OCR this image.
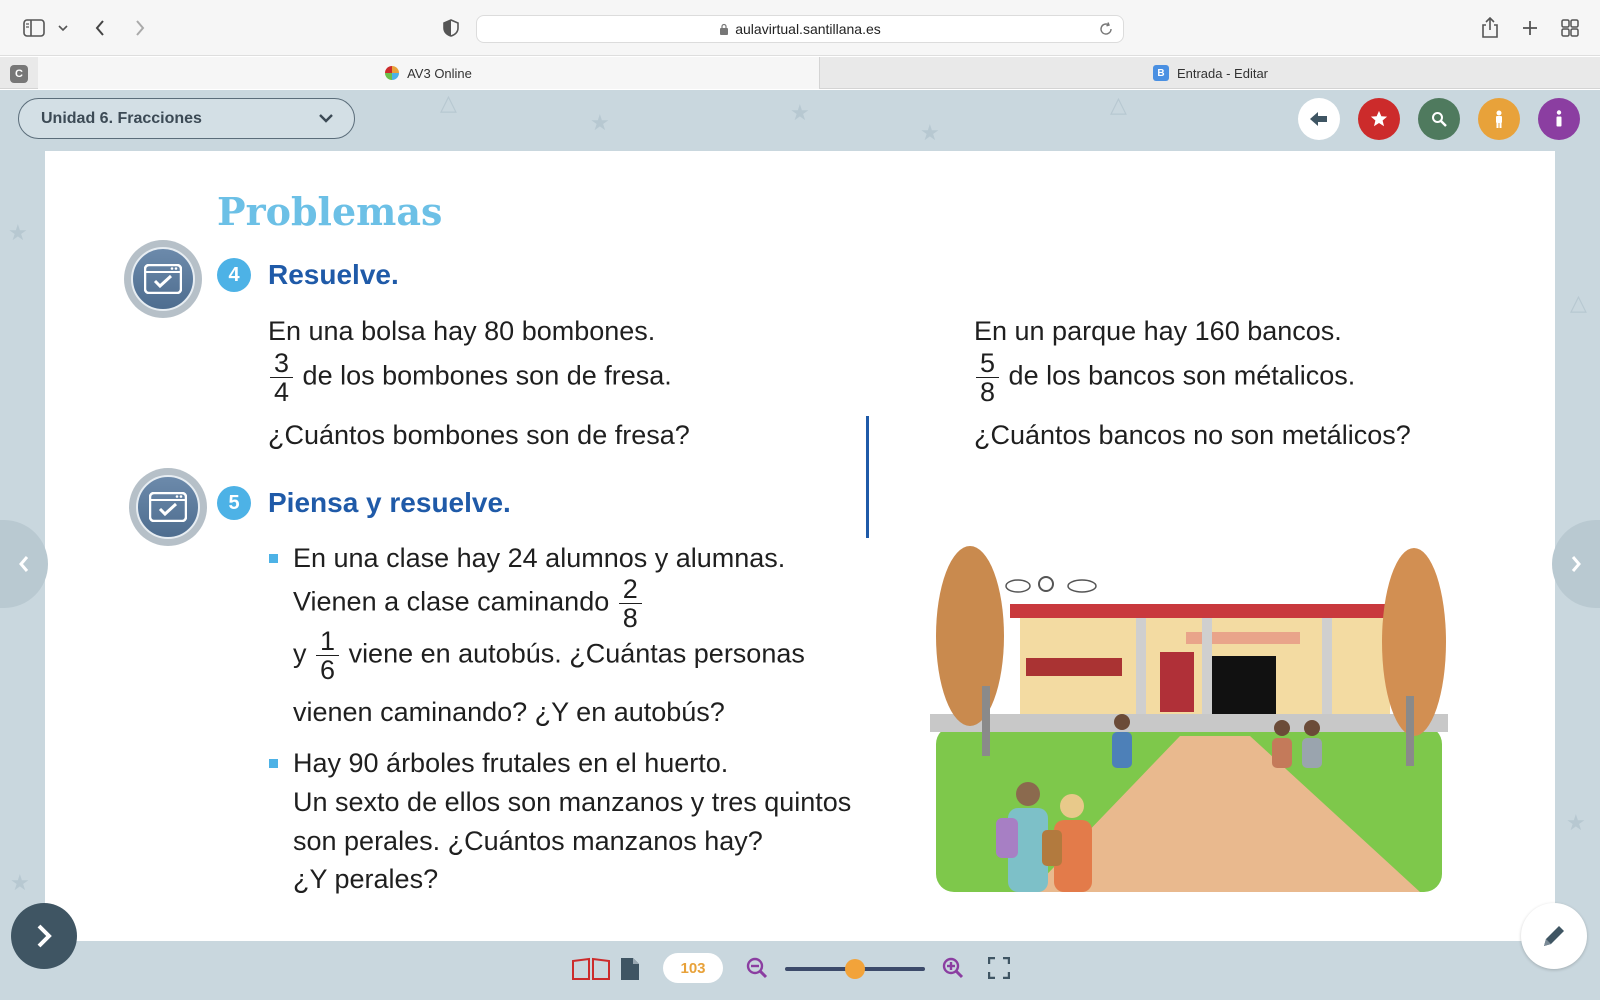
aulavirtual.santillana.es
C	AV3 Online	B Entrada - Editar
△
★	★	△
★
★
★
△
★
Unidad 6. Fracciones
Problemas
4	Resuelve.
En una bolsa hay 80 bombones.
$\frac{3}{4}$ de los bombones son de fresa.
¿Cuántos bombones son de fresa?
En un parque hay 160 bancos.
$\frac{5}{8}$ de los bancos son métalicos.
¿Cuántos bancos no son metálicos?
5	Piensa y resuelve.
En una clase hay 24 alumnos y alumnas.
Vienen a clase caminando $\frac{2}{8}$
y $\frac{1}{6}$ viene en autobús. ¿Cuántas personas
vienen caminando? ¿Y en autobús?
Hay 90 árboles frutales en el huerto.
Un sexto de ellos son manzanos y tres quintos
son perales. ¿Cuántos manzanos hay?
¿Y perales?
103
